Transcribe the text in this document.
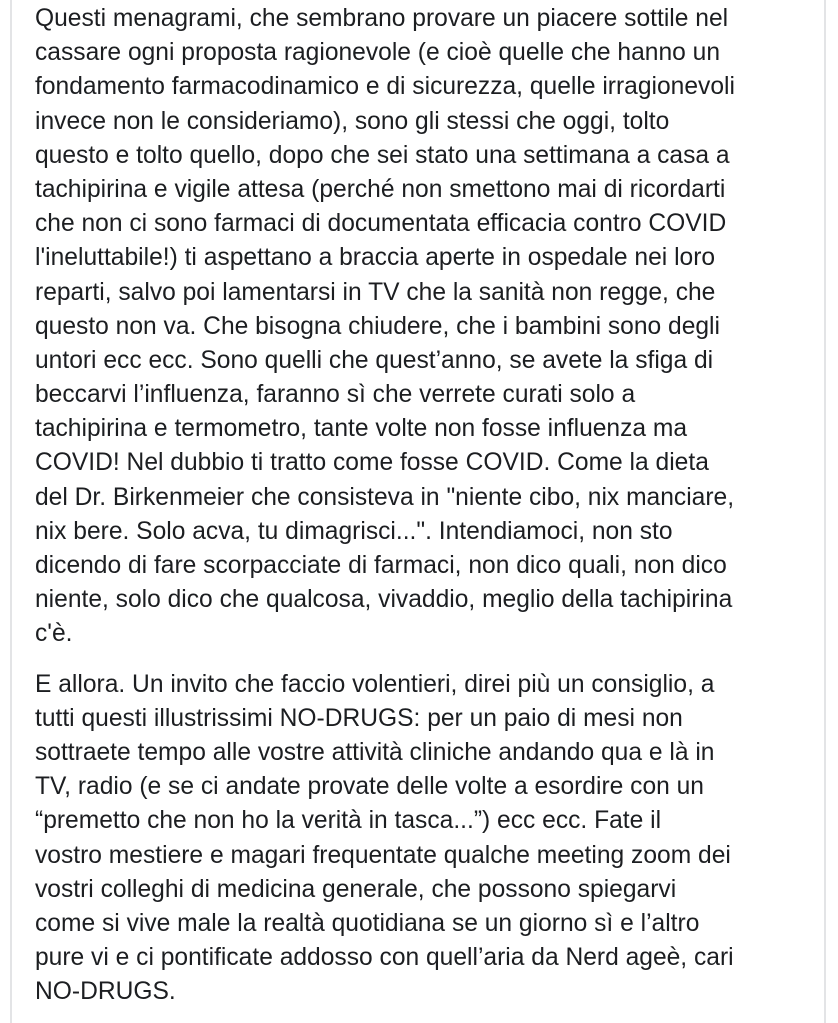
Questi menagrami, che sembrano provare un piacere sottile nel
cassare ogni proposta ragionevole (e cioè quelle che hanno un
fondamento farmacodinamico e di sicurezza, quelle irragionevoli
invece non le consideriamo), sono gli stessi che oggi, tolto
questo e tolto quello, dopo che sei stato una settimana a casa a
tachipirina e vigile attesa (perché non smettono mai di ricordarti
che non ci sono farmaci di documentata efficacia contro COVID
l'ineluttabile!) ti aspettano a braccia aperte in ospedale nei loro
reparti, salvo poi lamentarsi in TV che la sanità non regge, che
questo non va. Che bisogna chiudere, che i bambini sono degli
untori ecc ecc. Sono quelli che quest’anno, se avete la sfiga di
beccarvi l’influenza, faranno sì che verrete curati solo a
tachipirina e termometro, tante volte non fosse influenza ma
COVID! Nel dubbio ti tratto come fosse COVID. Come la dieta
del Dr. Birkenmeier che consisteva in "niente cibo, nix manciare,
nix bere. Solo acva, tu dimagrisci...". Intendiamoci, non sto
dicendo di fare scorpacciate di farmaci, non dico quali, non dico
niente, solo dico che qualcosa, vivaddio, meglio della tachipirina
c'è.
E allora. Un invito che faccio volentieri, direi più un consiglio, a
tutti questi illustrissimi NO-DRUGS: per un paio di mesi non
sottraete tempo alle vostre attività cliniche andando qua e là in
TV, radio (e se ci andate provate delle volte a esordire con un
“premetto che non ho la verità in tasca...”) ecc ecc. Fate il
vostro mestiere e magari frequentate qualche meeting zoom dei
vostri colleghi di medicina generale, che possono spiegarvi
come si vive male la realtà quotidiana se un giorno sì e l’altro
pure vi e ci pontificate addosso con quell’aria da Nerd ageè, cari
NO-DRUGS.
